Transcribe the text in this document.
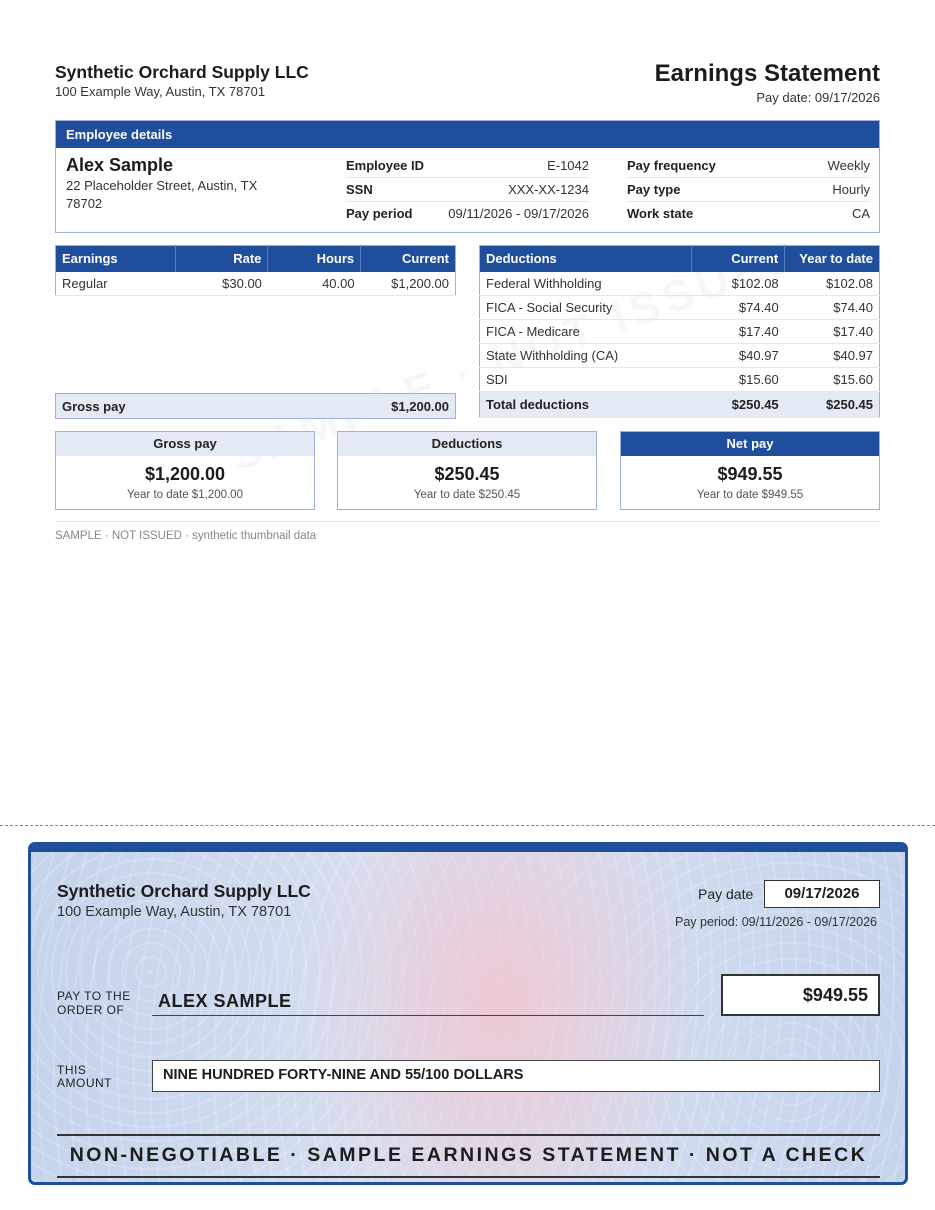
Synthetic Orchard Supply LLC
100 Example Way, Austin, TX 78701
Earnings Statement
Pay date: 09/17/2026
Employee details
Alex Sample
22 Placeholder Street, Austin, TX 78702
Employee ID	E-1042
SSN	XXX-XX-1234
Pay period	09/11/2026 - 09/17/2026
Pay frequency	Weekly
Pay type	Hourly
Work state	CA
Earnings	Rate	Hours	Current
Regular	$30.00	40.00	$1,200.00
Gross pay	$1,200.00
Deductions	Current	Year to date
Federal Withholding	$102.08	$102.08
FICA - Social Security	$74.40	$74.40
FICA - Medicare	$17.40	$17.40
State Withholding (CA)	$40.97	$40.97
SDI	$15.60	$15.60
Total deductions	$250.45	$250.45
Gross pay
$1,200.00
Year to date $1,200.00
Deductions
$250.45
Year to date $250.45
Net pay
$949.55
Year to date $949.55
SAMPLE · NOT ISSUED · synthetic thumbnail data
Synthetic Orchard Supply LLC
100 Example Way, Austin, TX 78701
Pay date	09/17/2026
Pay period: 09/11/2026 - 09/17/2026
PAY TO THE
ORDER OF	ALEX SAMPLE	$949.55
THIS
AMOUNT	NINE HUNDRED FORTY-NINE AND 55/100 DOLLARS
NON-NEGOTIABLE · SAMPLE EARNINGS STATEMENT · NOT A CHECK
